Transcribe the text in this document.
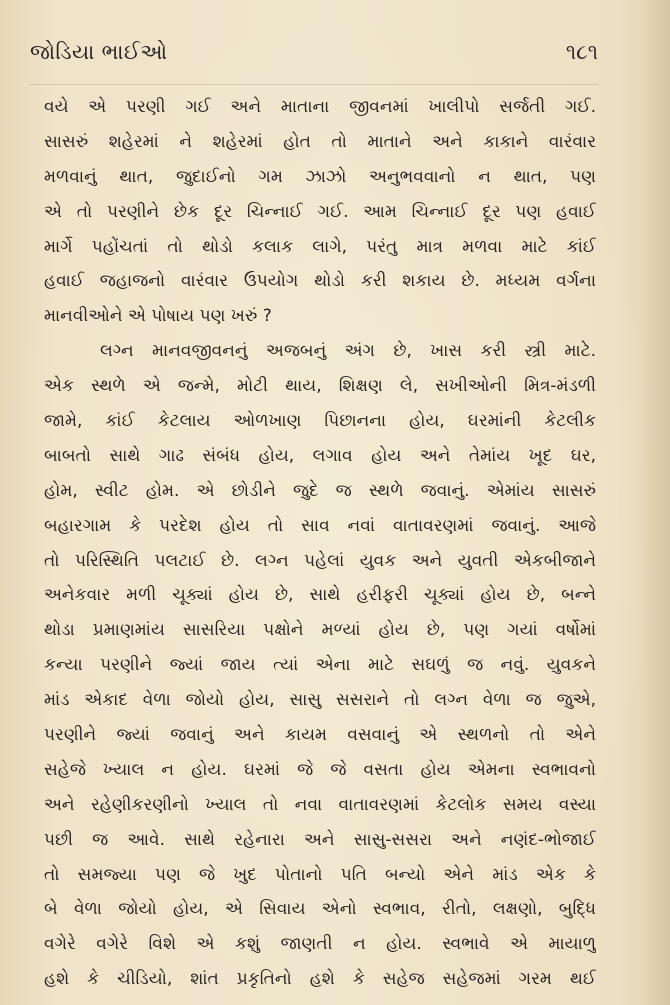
જોડિયા ભાઈઓ	૧૮૧
વયે એ પરણી ગઈ અને માતાના જીવનમાં ખાલીપો સર્જતી ગઈ.
સાસરું શહેરમાં ને શહેરમાં હોત તો માતાને અને કાકાને વારંવાર
મળવાનું થાત, જુદાઈનો ગમ ઝાઝો અનુભવવાનો ન થાત, પણ
એ તો પરણીને છેક દૂર ચિન્નાઈ ગઈ. આમ ચિન્નાઈ દૂર પણ હવાઈ
માર્ગે પહોંચતાં તો થોડો કલાક લાગે, પરંતુ માત્ર મળવા માટે કાંઈ
હવાઈ જહાજનો વારંવાર ઉપયોગ થોડો કરી શકાય છે. મધ્યમ વર્ગના
માનવીઓને એ પોષાય પણ ખરું ?
લગ્ન માનવજીવનનું અજબનું અંગ છે, ખાસ કરી સ્ત્રી માટે.
એક સ્થળે એ જન્મે, મોટી થાય, શિક્ષણ લે, સખીઓની મિત્ર-મંડળી
જામે, કાંઈ કેટલાય ઓળખાણ પિછાનના હોય, ઘરમાંની કેટલીક
બાબતો સાથે ગાઢ સંબંધ હોય, લગાવ હોય અને તેમાંય ખૂદ ઘર,
હોમ, સ્વીટ હોમ. એ છોડીને જુદે જ સ્થળે જવાનું. એમાંય સાસરું
બહારગામ કે પરદેશ હોય તો સાવ નવાં વાતાવરણમાં જવાનું. આજે
તો પરિસ્થિતિ પલટાઈ છે. લગ્ન પહેલાં યુવક અને યુવતી એકબીજાને
અનેકવાર મળી ચૂક્યાં હોય છે, સાથે હરીફરી ચૂક્યાં હોય છે, બન્ને
થોડા પ્રમાણમાંય સાસરિયા પક્ષોને મળ્યાં હોય છે, પણ ગયાં વર્ષોમાં
કન્યા પરણીને જ્યાં જાય ત્યાં એના માટે સઘળું જ નવું. યુવકને
માંડ એકાદ વેળા જોયો હોય, સાસુ સસરાને તો લગ્ન વેળા જ જુએ,
પરણીને જ્યાં જવાનું અને કાયમ વસવાનું એ સ્થળનો તો એને
સહેજે ખ્યાલ ન હોય. ઘરમાં જે જે વસતા હોય એમના સ્વભાવનો
અને રહેણીકરણીનો ખ્યાલ તો નવા વાતાવરણમાં કેટલોક સમય વસ્યા
પછી જ આવે. સાથે રહેનારા અને સાસુ-સસરા અને નણંદ-ભોજાઈ
તો સમજ્યા પણ જે ખુદ પોતાનો પતિ બન્યો એને માંડ એક કે
બે વેળા જોયો હોય, એ સિવાય એનો સ્વભાવ, રીતો, લક્ષણો, બુદ્ધિ
વગેરે વગેરે વિશે એ કશું જાણતી ન હોય. સ્વભાવે એ માયાળુ
હશે કે ચીડિયો, શાંત પ્રકૃતિનો હશે કે સહેજ સહેજમાં ગરમ થઈ
